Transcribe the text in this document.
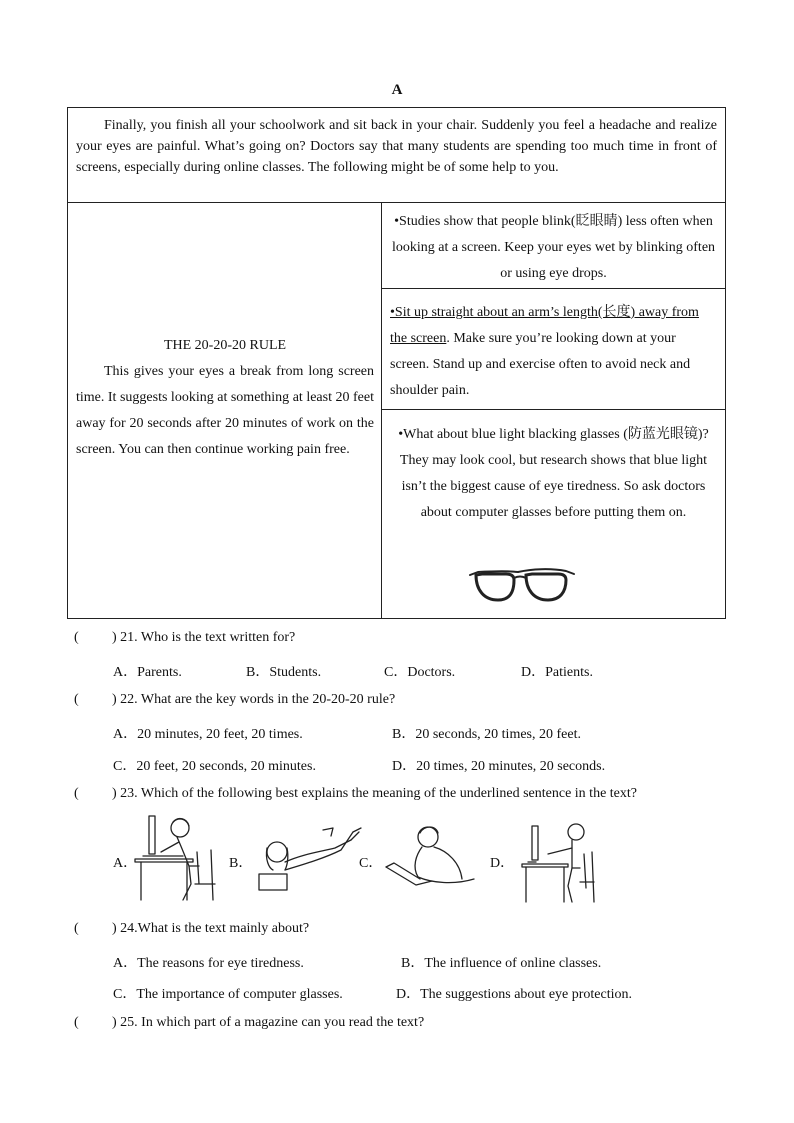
A
Finally, you finish all your schoolwork and sit back in your chair. Suddenly you feel a headache and realize your eyes are painful. What’s going on? Doctors say that many students are spending too much time in front of screens, especially during online classes. The following might be of some help to you.
THE 20-20-20 RULE
This gives your eyes a break from long screen time. It suggests looking at something at least 20 feet away for 20 seconds after 20 minutes of work on the screen. You can then continue working pain free.
•Studies show that people blink(眨眼睛) less often when looking at a screen. Keep your eyes wet by blinking often or using eye drops.
•Sit up straight about an arm’s length(长度) away from the screen. Make sure you’re looking down at your screen. Stand up and exercise often to avoid neck and shoulder pain.
•What about blue light blacking glasses (防蓝光眼镜)? They may look cool, but research shows that blue light isn’t the biggest cause of eye tiredness. So ask doctors about computer glasses before putting them on.
( ) 21. Who is the text written for?
A．Parents.	B．Students.	C．Doctors.	D．Patients.
( ) 22. What are the key words in the 20-20-20 rule?
A．20 minutes, 20 feet, 20 times.	B．20 seconds, 20 times, 20 feet.
C．20 feet, 20 seconds, 20 minutes.	D．20 times, 20 minutes, 20 seconds.
( ) 23. Which of the following best explains the meaning of the underlined sentence in the text?
A．	B．	C．	D．
( ) 24.What is the text mainly about?
A．The reasons for eye tiredness.	B．The influence of online classes.
C．The importance of computer glasses.	D．The suggestions about eye protection.
( ) 25. In which part of a magazine can you read the text?
